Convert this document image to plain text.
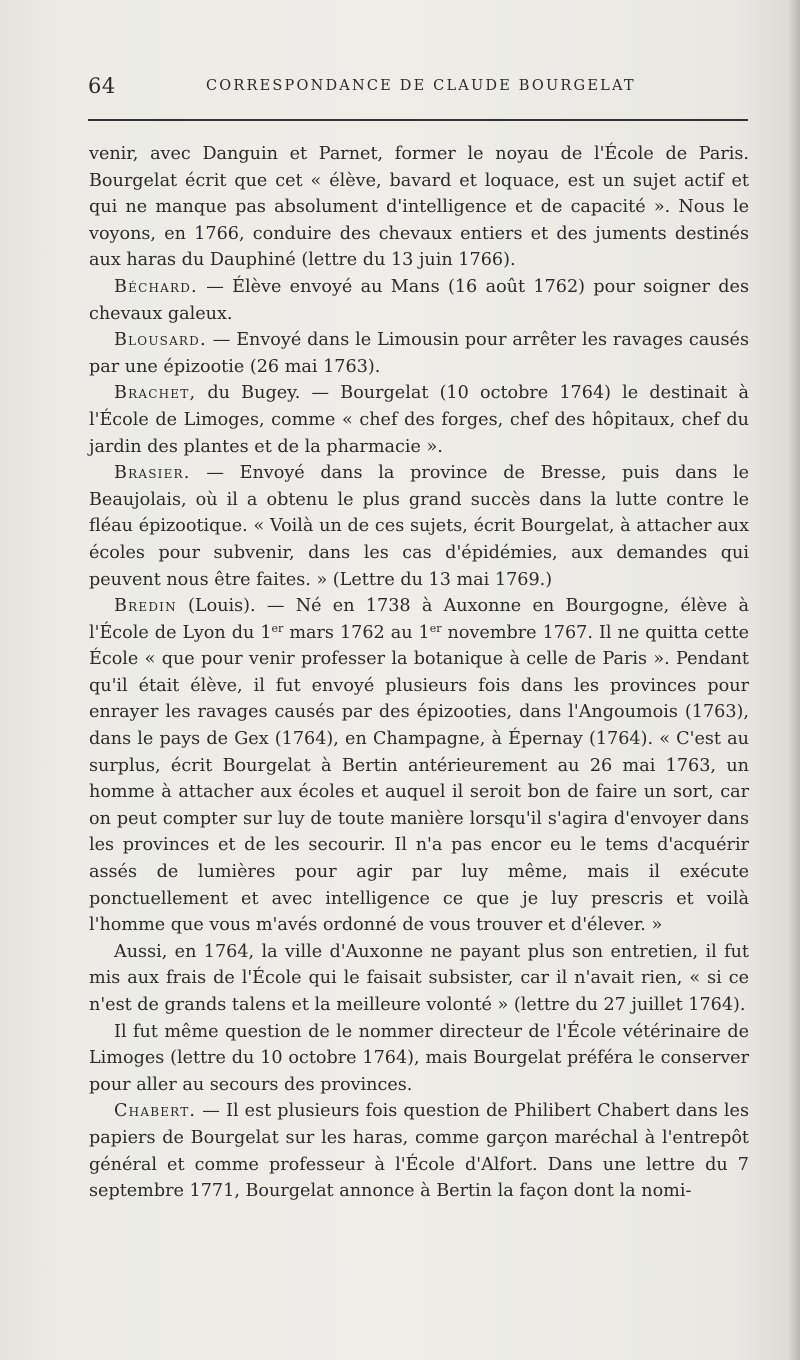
64	CORRESPONDANCE DE CLAUDE BOURGELAT

venir, avec Danguin et Parnet, former le noyau de l'École de Paris. Bourgelat écrit que cet « élève, bavard et loquace, est un sujet actif et qui ne manque pas absolument d'intelligence et de capacité ». Nous le voyons, en 1766, conduire des chevaux entiers et des juments destinés aux haras du Dauphiné (lettre du 13 juin 1766).

Béchard. — Élève envoyé au Mans (16 août 1762) pour soigner des chevaux galeux.

Blousard. — Envoyé dans le Limousin pour arrêter les ravages causés par une épizootie (26 mai 1763).

Brachet, du Bugey. — Bourgelat (10 octobre 1764) le destinait à l'École de Limoges, comme « chef des forges, chef des hôpitaux, chef du jardin des plantes et de la pharmacie ».

Brasier. — Envoyé dans la province de Bresse, puis dans le Beaujolais, où il a obtenu le plus grand succès dans la lutte contre le fléau épizootique. « Voilà un de ces sujets, écrit Bourgelat, à attacher aux écoles pour subvenir, dans les cas d'épidémies, aux demandes qui peuvent nous être faites. » (Lettre du 13 mai 1769.)

Bredin (Louis). — Né en 1738 à Auxonne en Bourgogne, élève à l'École de Lyon du 1er mars 1762 au 1er novembre 1767. Il ne quitta cette École « que pour venir professer la botanique à celle de Paris ». Pendant qu'il était élève, il fut envoyé plusieurs fois dans les provinces pour enrayer les ravages causés par des épizooties, dans l'Angoumois (1763), dans le pays de Gex (1764), en Champagne, à Épernay (1764). « C'est au surplus, écrit Bourgelat à Bertin antérieurement au 26 mai 1763, un homme à attacher aux écoles et auquel il seroit bon de faire un sort, car on peut compter sur luy de toute manière lorsqu'il s'agira d'envoyer dans les provinces et de les secourir. Il n'a pas encor eu le tems d'acquérir assés de lumières pour agir par luy même, mais il exécute ponctuellement et avec intelligence ce que je luy prescris et voilà l'homme que vous m'avés ordonné de vous trouver et d'élever. »

Aussi, en 1764, la ville d'Auxonne ne payant plus son entretien, il fut mis aux frais de l'École qui le faisait subsister, car il n'avait rien, « si ce n'est de grands talens et la meilleure volonté » (lettre du 27 juillet 1764).

Il fut même question de le nommer directeur de l'École vétérinaire de Limoges (lettre du 10 octobre 1764), mais Bourgelat préféra le conserver pour aller au secours des provinces.

Chabert. — Il est plusieurs fois question de Philibert Chabert dans les papiers de Bourgelat sur les haras, comme garçon maréchal à l'entrepôt général et comme professeur à l'École d'Alfort. Dans une lettre du 7 septembre 1771, Bourgelat annonce à Bertin la façon dont la nomi-
